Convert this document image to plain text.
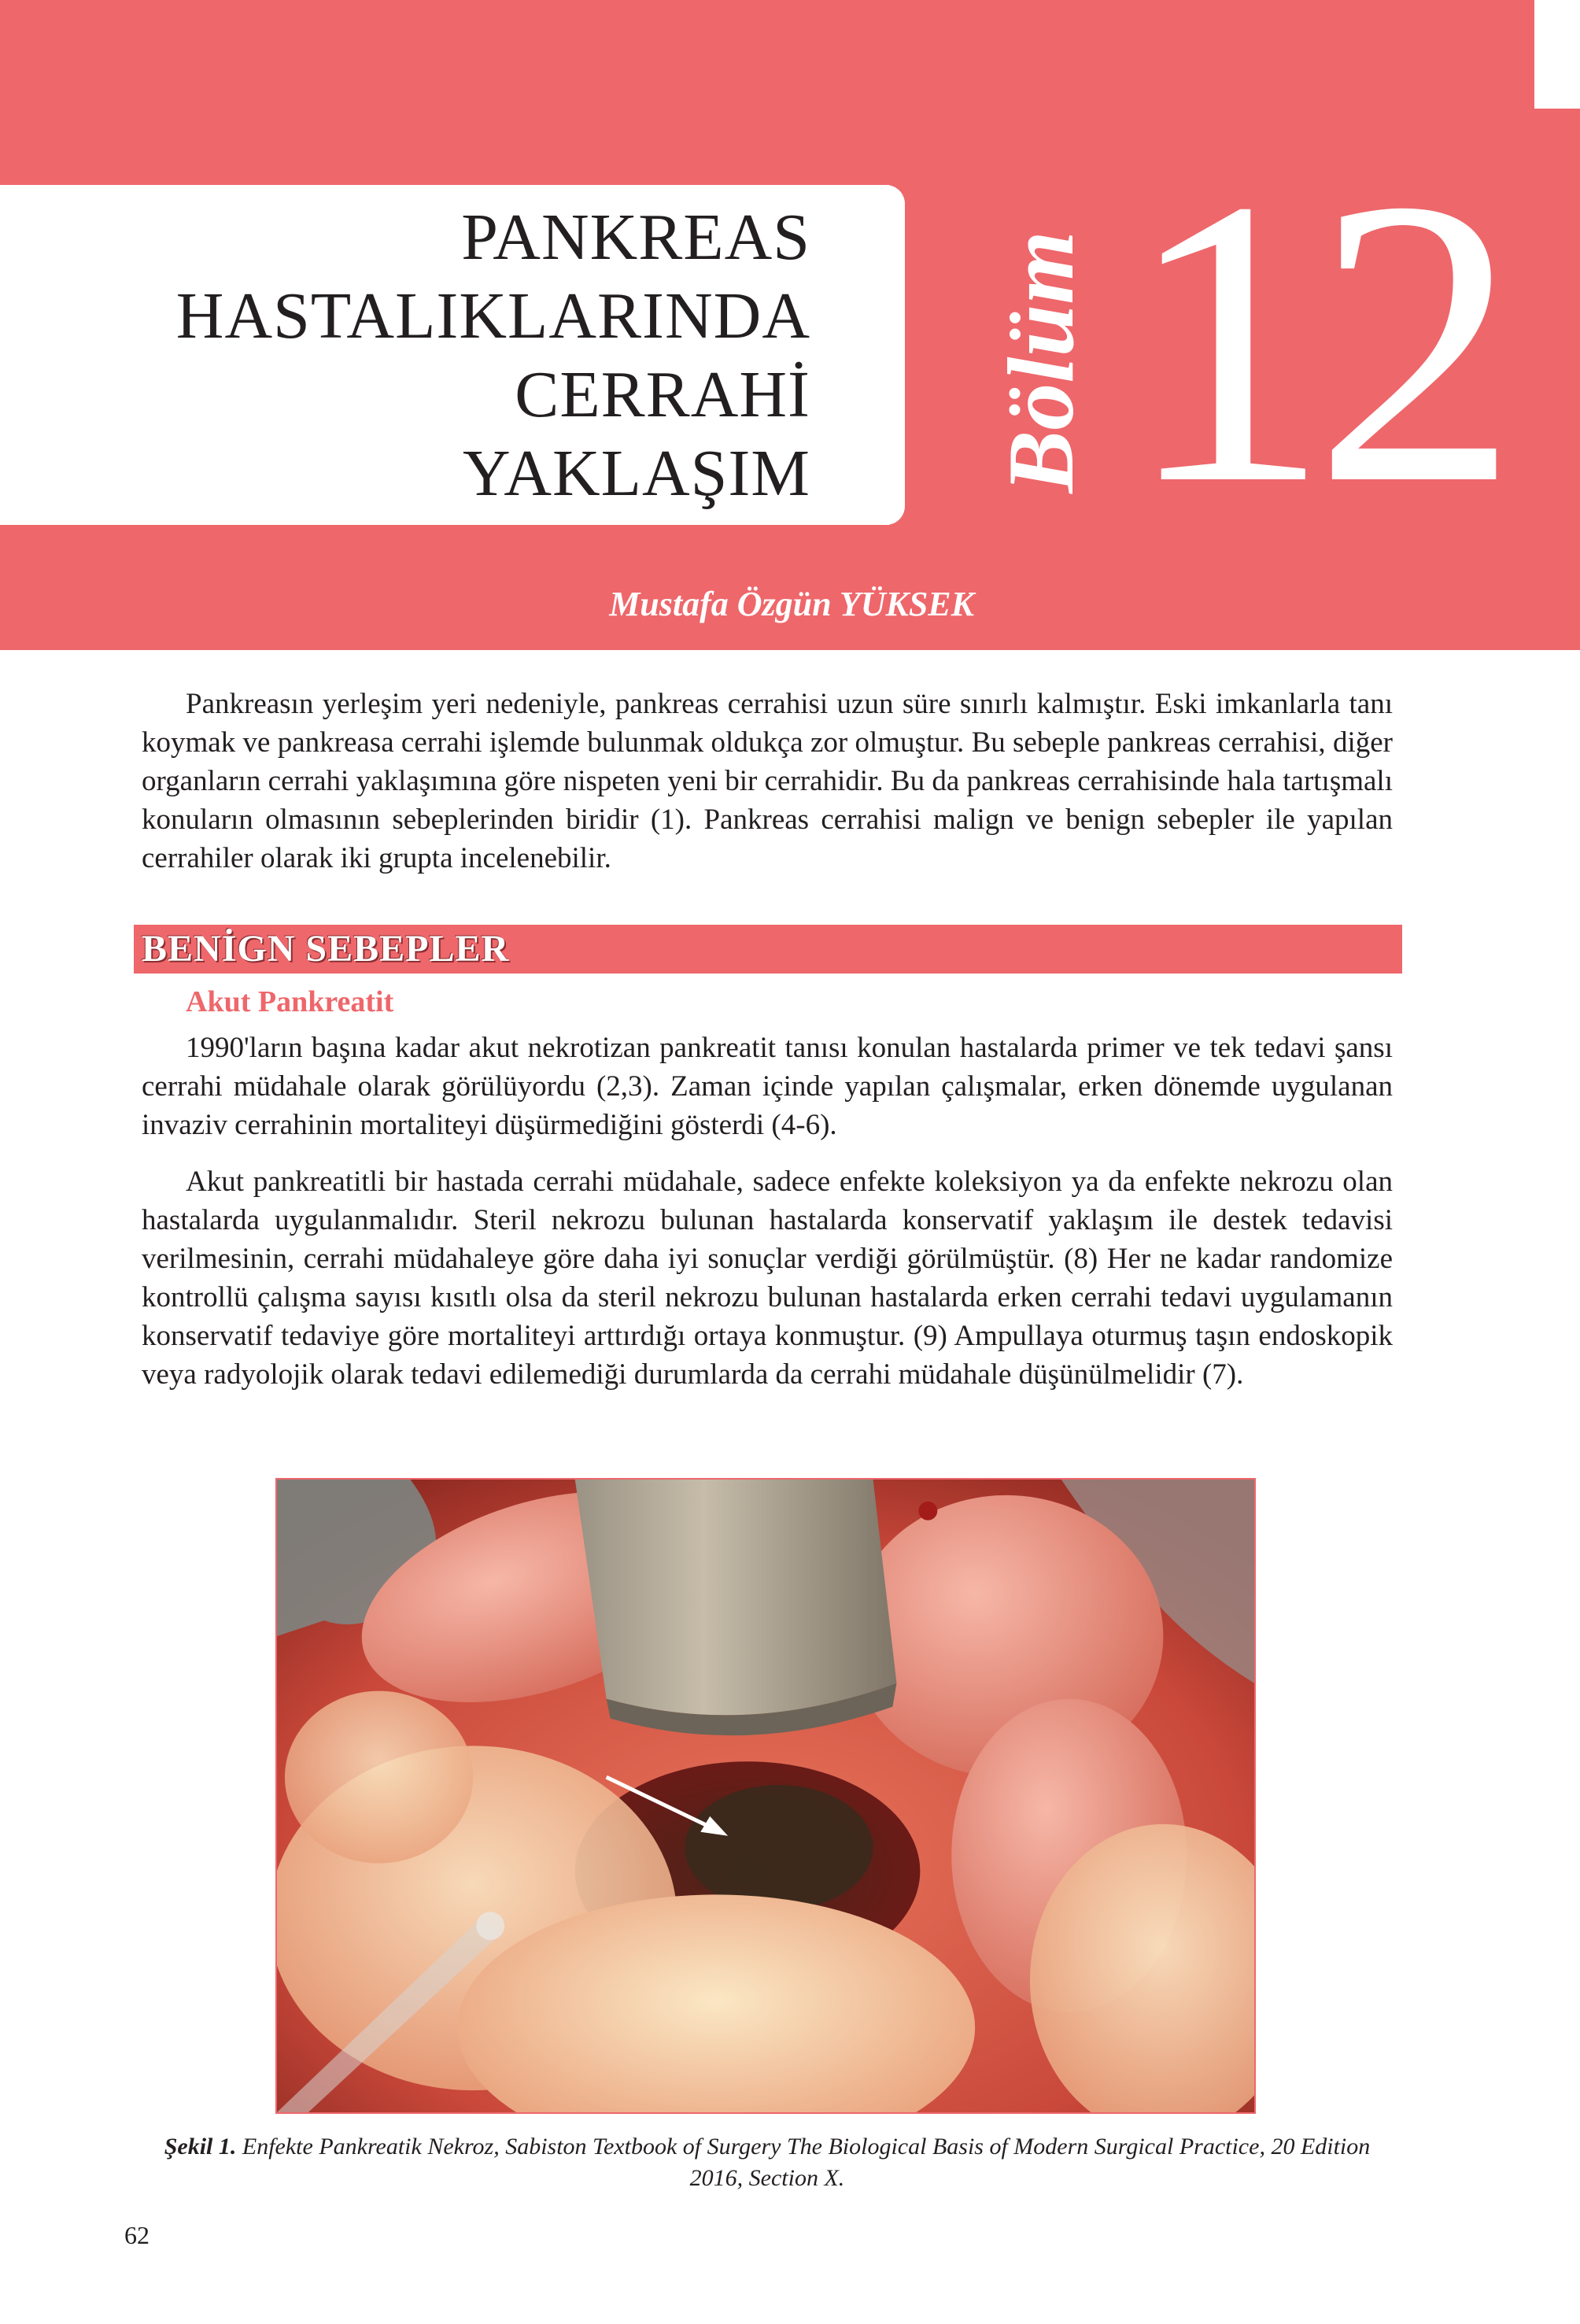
PANKREAS
HASTALIKLARINDA
CERRAHİ
YAKLAŞIM Bölüm 12
Mustafa Özgün YÜKSEK

Pankreasın yerleşim yeri nedeniyle, pankreas cerrahisi uzun süre sınırlı kalmıştır. Eski imkanlarla tanı koymak ve pankreasa cerrahi işlemde bulunmak oldukça zor olmuştur. Bu sebeple pankreas cerrahisi, diğer organların cerrahi yaklaşımına göre nispeten yeni bir cerrahidir. Bu da pankreas cerrahisinde hala tartışmalı konuların olmasının sebeplerinden biridir (1). Pankreas cerrahisi malign ve benign sebepler ile yapılan cerrahiler olarak iki grupta incelenebilir.

BENİGN SEBEPLER
Akut Pankreatit

1990'ların başına kadar akut nekrotizan pankreatit tanısı konulan hastalarda primer ve tek tedavi şansı cerrahi müdahale olarak görülüyordu (2,3). Zaman içinde yapılan çalışmalar, erken dönemde uygulanan invaziv cerrahinin mortaliteyi düşürmediğini gösterdi (4-6).

Akut pankreatitli bir hastada cerrahi müdahale, sadece enfekte koleksiyon ya da enfekte nekrozu olan hastalarda uygulanmalıdır. Steril nekrozu bulunan hastalarda konservatif yaklaşım ile destek tedavisi verilmesinin, cerrahi müdahaleye göre daha iyi sonuçlar verdiği görülmüştür. (8) Her ne kadar randomize kontrollü çalışma sayısı kısıtlı olsa da steril nekrozu bulunan hastalarda erken cerrahi tedavi uygulamanın konservatif tedaviye göre mortaliteyi arttırdığı ortaya konmuştur. (9) Ampullaya oturmuş taşın endoskopik veya radyolojik olarak tedavi edilemediği durumlarda da cerrahi müdahale düşünülmelidir (7).

Şekil 1. Enfekte Pankreatik Nekroz, Sabiston Textbook of Surgery The Biological Basis of Modern Surgical Practice, 20 Edition 2016, Section X.
62
